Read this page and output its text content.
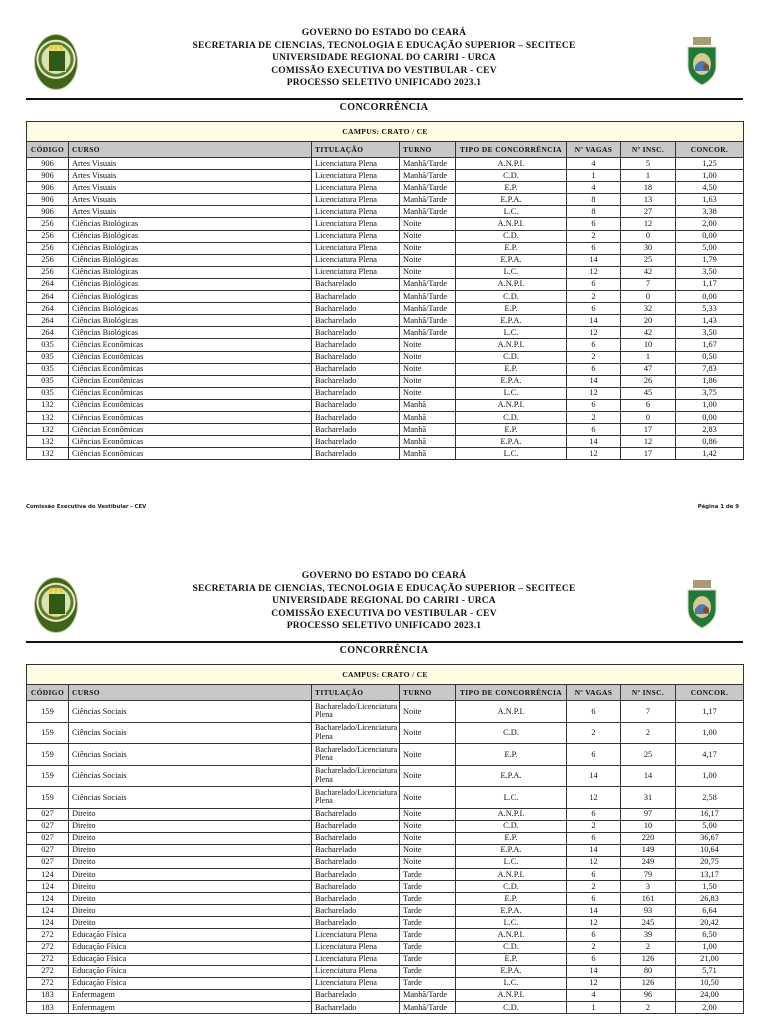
GOVERNO DO ESTADO DO CEARÁ
SECRETARIA DE CIENCIAS, TECNOLOGIA E EDUCAÇÃO SUPERIOR – SECITECE
UNIVERSIDADE REGIONAL DO CARIRI - URCA
COMISSÃO EXECUTIVA DO VESTIBULAR - CEV
PROCESSO SELETIVO UNIFICADO 2023.1
CONCORRÊNCIA
CAMPUS: CRATO / CE							
CÓDIGO	CURSO	TITULAÇÃO	TURNO	TIPO DE CONCORRÊNCIA	Nº VAGAS	Nº INSC.	CONCOR.
906	Artes Visuais	Licenciatura Plena	Manhã/Tarde	A.N.P.I.	4	5	1,25
906	Artes Visuais	Licenciatura Plena	Manhã/Tarde	C.D.	1	1	1,00
906	Artes Visuais	Licenciatura Plena	Manhã/Tarde	E.P.	4	18	4,50
906	Artes Visuais	Licenciatura Plena	Manhã/Tarde	E.P.A.	8	13	1,63
906	Artes Visuais	Licenciatura Plena	Manhã/Tarde	L.C.	8	27	3,38
256	Ciências Biológicas	Licenciatura Plena	Noite	A.N.P.I.	6	12	2,00
256	Ciências Biológicas	Licenciatura Plena	Noite	C.D.	2	0	0,00
256	Ciências Biológicas	Licenciatura Plena	Noite	E.P.	6	30	5,00
256	Ciências Biológicas	Licenciatura Plena	Noite	E.P.A.	14	25	1,79
256	Ciências Biológicas	Licenciatura Plena	Noite	L.C.	12	42	3,50
264	Ciências Biológicas	Bacharelado	Manhã/Tarde	A.N.P.I.	6	7	1,17
264	Ciências Biológicas	Bacharelado	Manhã/Tarde	C.D.	2	0	0,00
264	Ciências Biológicas	Bacharelado	Manhã/Tarde	E.P.	6	32	5,33
264	Ciências Biológicas	Bacharelado	Manhã/Tarde	E.P.A.	14	20	1,43
264	Ciências Biológicas	Bacharelado	Manhã/Tarde	L.C.	12	42	3,50
035	Ciências Econômicas	Bacharelado	Noite	A.N.P.I.	6	10	1,67
035	Ciências Econômicas	Bacharelado	Noite	C.D.	2	1	0,50
035	Ciências Econômicas	Bacharelado	Noite	E.P.	6	47	7,83
035	Ciências Econômicas	Bacharelado	Noite	E.P.A.	14	26	1,86
035	Ciências Econômicas	Bacharelado	Noite	L.C.	12	45	3,75
132	Ciências Econômicas	Bacharelado	Manhã	A.N.P.I.	6	6	1,00
132	Ciências Econômicas	Bacharelado	Manhã	C.D.	2	0	0,00
132	Ciências Econômicas	Bacharelado	Manhã	E.P.	6	17	2,83
132	Ciências Econômicas	Bacharelado	Manhã	E.P.A.	14	12	0,86
132	Ciências Econômicas	Bacharelado	Manhã	L.C.	12	17	1,42
Comissão Executiva do Vestibular - CEV	Página 1 de 9
GOVERNO DO ESTADO DO CEARÁ
SECRETARIA DE CIENCIAS, TECNOLOGIA E EDUCAÇÃO SUPERIOR – SECITECE
UNIVERSIDADE REGIONAL DO CARIRI - URCA
COMISSÃO EXECUTIVA DO VESTIBULAR - CEV
PROCESSO SELETIVO UNIFICADO 2023.1
CONCORRÊNCIA
CAMPUS: CRATO / CE							
CÓDIGO	CURSO	TITULAÇÃO	TURNO	TIPO DE CONCORRÊNCIA	Nº VAGAS	Nº INSC.	CONCOR.
159	Ciências Sociais	Bacharelado/Licenciatura Plena	Noite	A.N.P.I.	6	7	1,17
159	Ciências Sociais	Bacharelado/Licenciatura Plena	Noite	C.D.	2	2	1,00
159	Ciências Sociais	Bacharelado/Licenciatura Plena	Noite	E.P.	6	25	4,17
159	Ciências Sociais	Bacharelado/Licenciatura Plena	Noite	E.P.A.	14	14	1,00
159	Ciências Sociais	Bacharelado/Licenciatura Plena	Noite	L.C.	12	31	2,58
027	Direito	Bacharelado	Noite	A.N.P.I.	6	97	16,17
027	Direito	Bacharelado	Noite	C.D.	2	10	5,00
027	Direito	Bacharelado	Noite	E.P.	6	220	36,67
027	Direito	Bacharelado	Noite	E.P.A.	14	149	10,64
027	Direito	Bacharelado	Noite	L.C.	12	249	20,75
124	Direito	Bacharelado	Tarde	A.N.P.I.	6	79	13,17
124	Direito	Bacharelado	Tarde	C.D.	2	3	1,50
124	Direito	Bacharelado	Tarde	E.P.	6	161	26,83
124	Direito	Bacharelado	Tarde	E.P.A.	14	93	6,64
124	Direito	Bacharelado	Tarde	L.C.	12	245	20,42
272	Educação Física	Licenciatura Plena	Tarde	A.N.P.I.	6	39	6,50
272	Educação Física	Licenciatura Plena	Tarde	C.D.	2	2	1,00
272	Educação Física	Licenciatura Plena	Tarde	E.P.	6	126	21,00
272	Educação Física	Licenciatura Plena	Tarde	E.P.A.	14	80	5,71
272	Educação Física	Licenciatura Plena	Tarde	L.C.	12	126	10,50
183	Enfermagem	Bacharelado	Manhã/Tarde	A.N.P.I.	4	96	24,00
183	Enfermagem	Bacharelado	Manhã/Tarde	C.D.	1	2	2,00
